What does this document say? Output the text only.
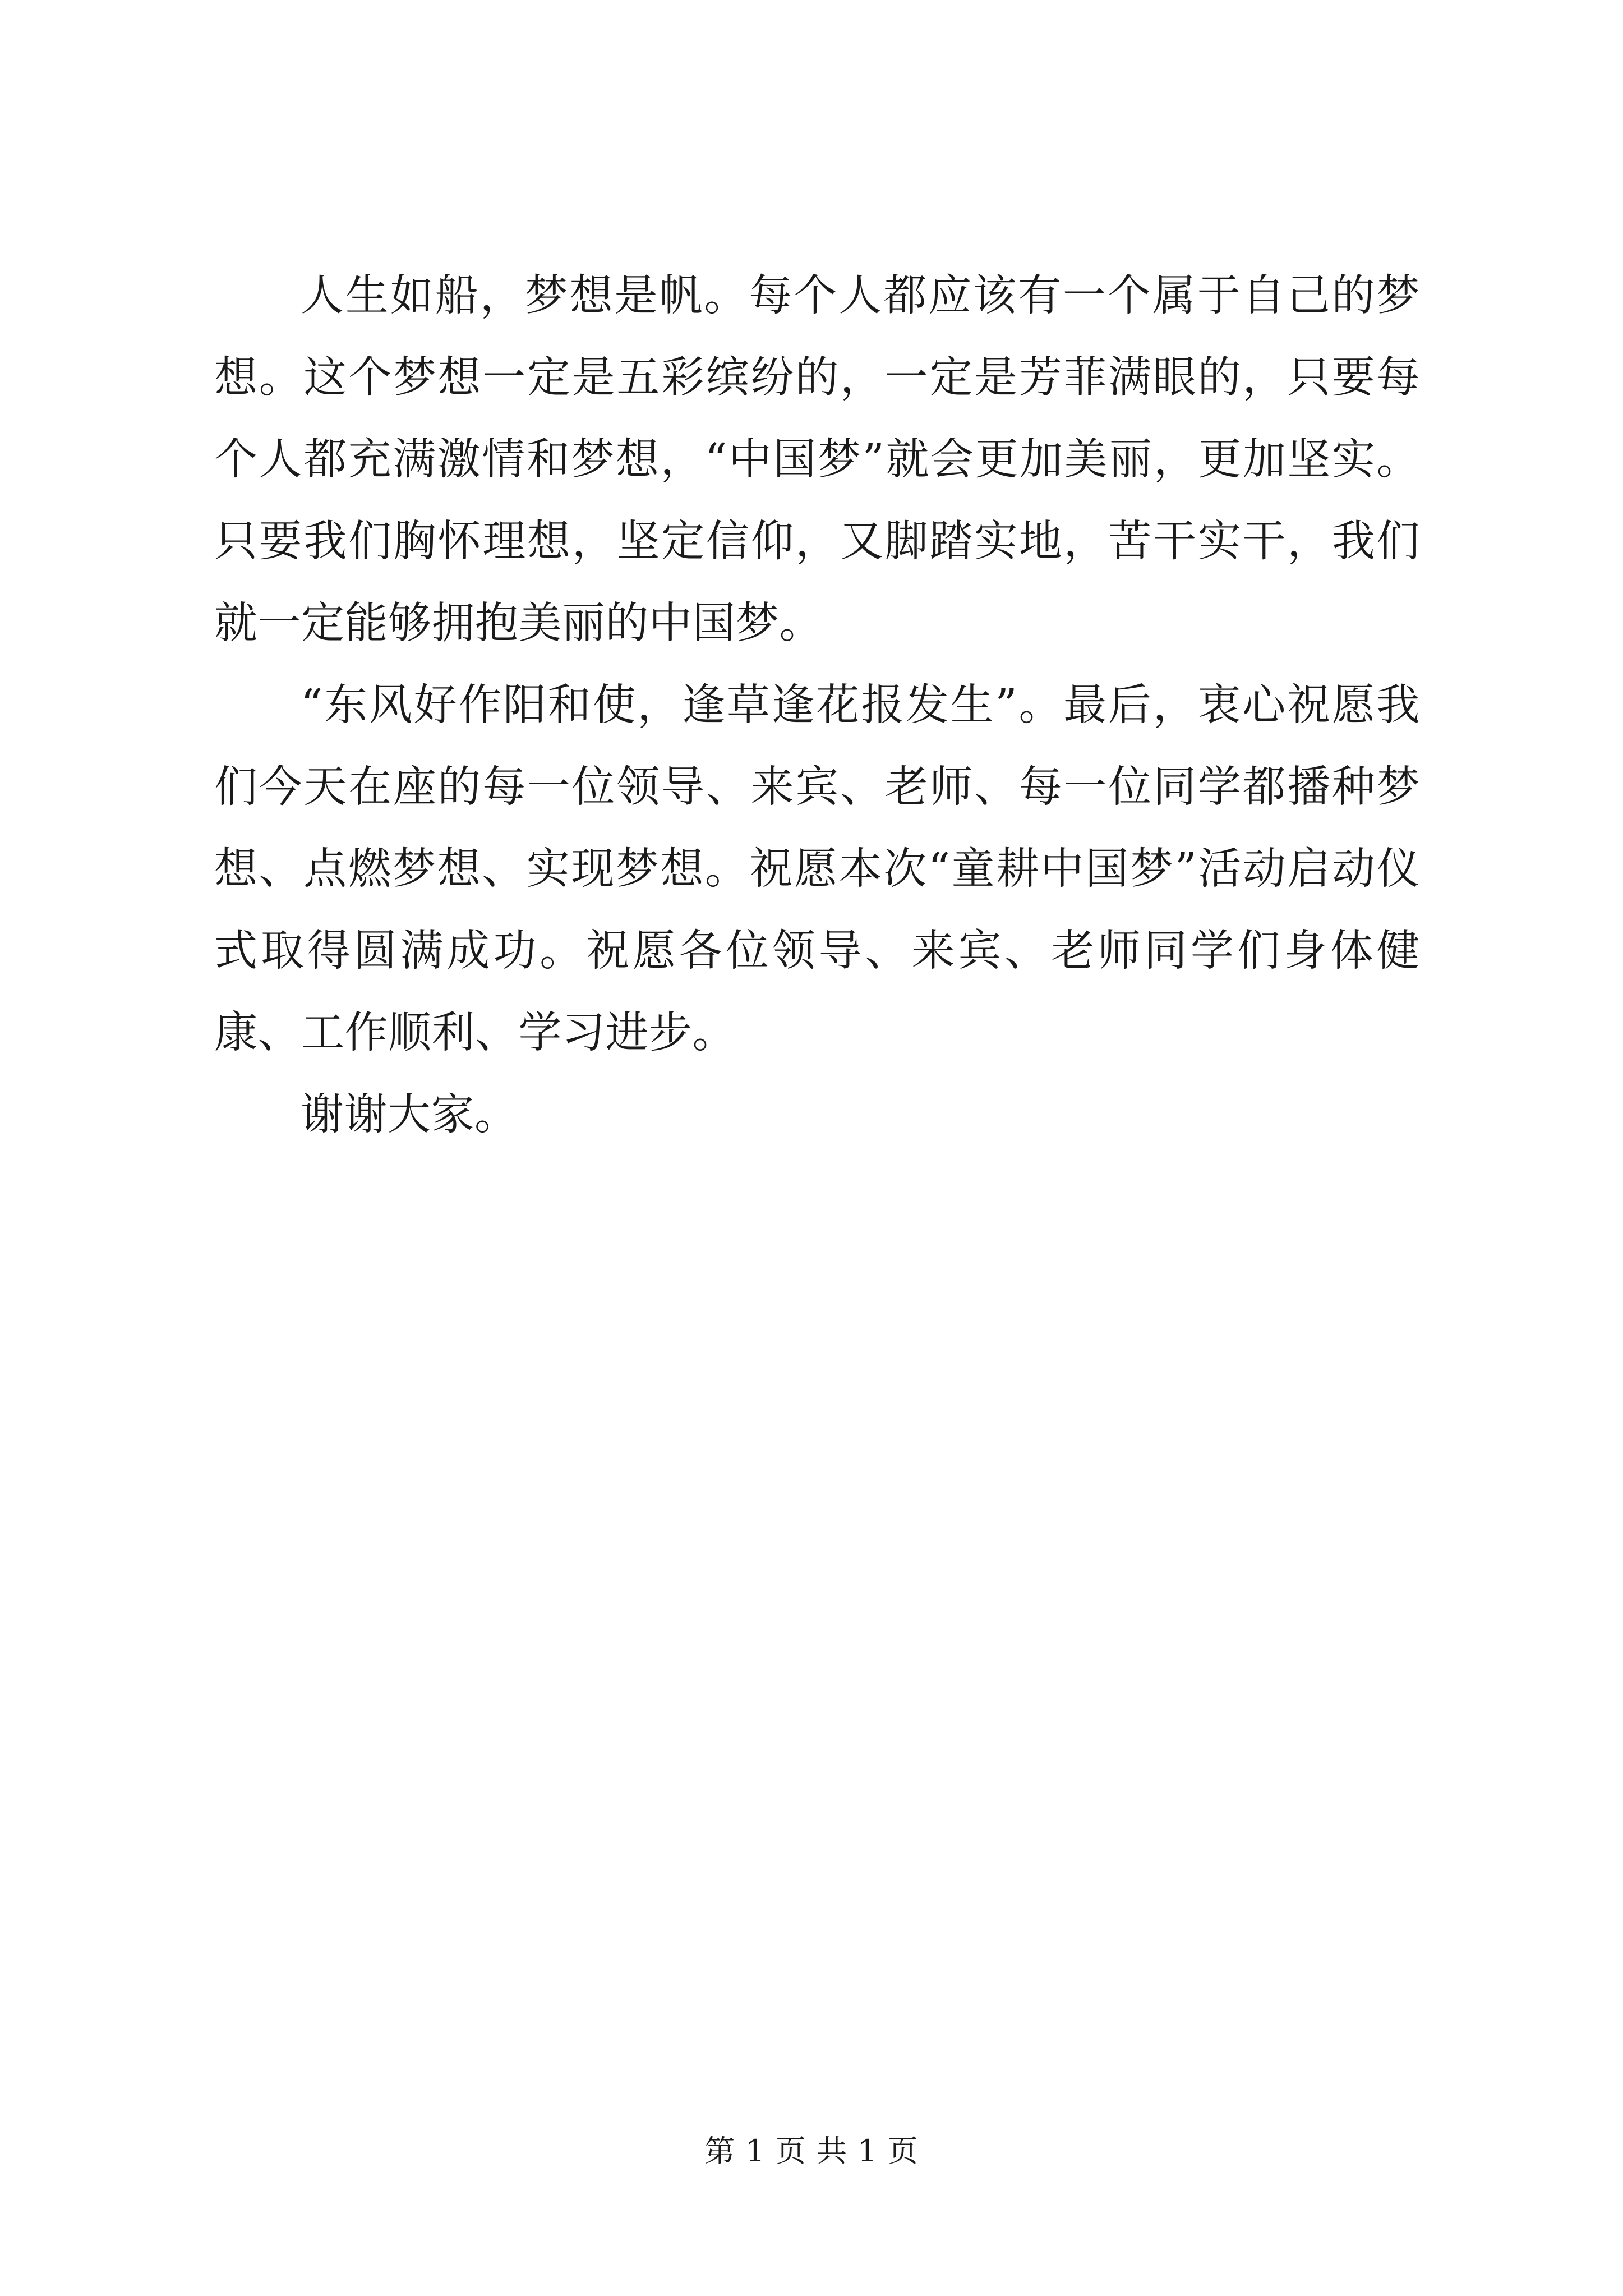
人生如船，梦想是帆。每个人都应该有一个属于自己的梦想。这个梦想一定是五彩缤纷的，一定是芳菲满眼的，只要每个人都充满激情和梦想，“中国梦”就会更加美丽，更加坚实。只要我们胸怀理想，坚定信仰，又脚踏实地，苦干实干，我们就一定能够拥抱美丽的中国梦。

“东风好作阳和使，逢草逢花报发生”。最后，衷心祝愿我们今天在座的每一位领导、来宾、老师、每一位同学都播种梦想、点燃梦想、实现梦想。祝愿本次“童耕中国梦”活动启动仪式取得圆满成功。祝愿各位领导、来宾、老师同学们身体健康、工作顺利、学习进步。

谢谢大家。

第 1 页 共 1 页
